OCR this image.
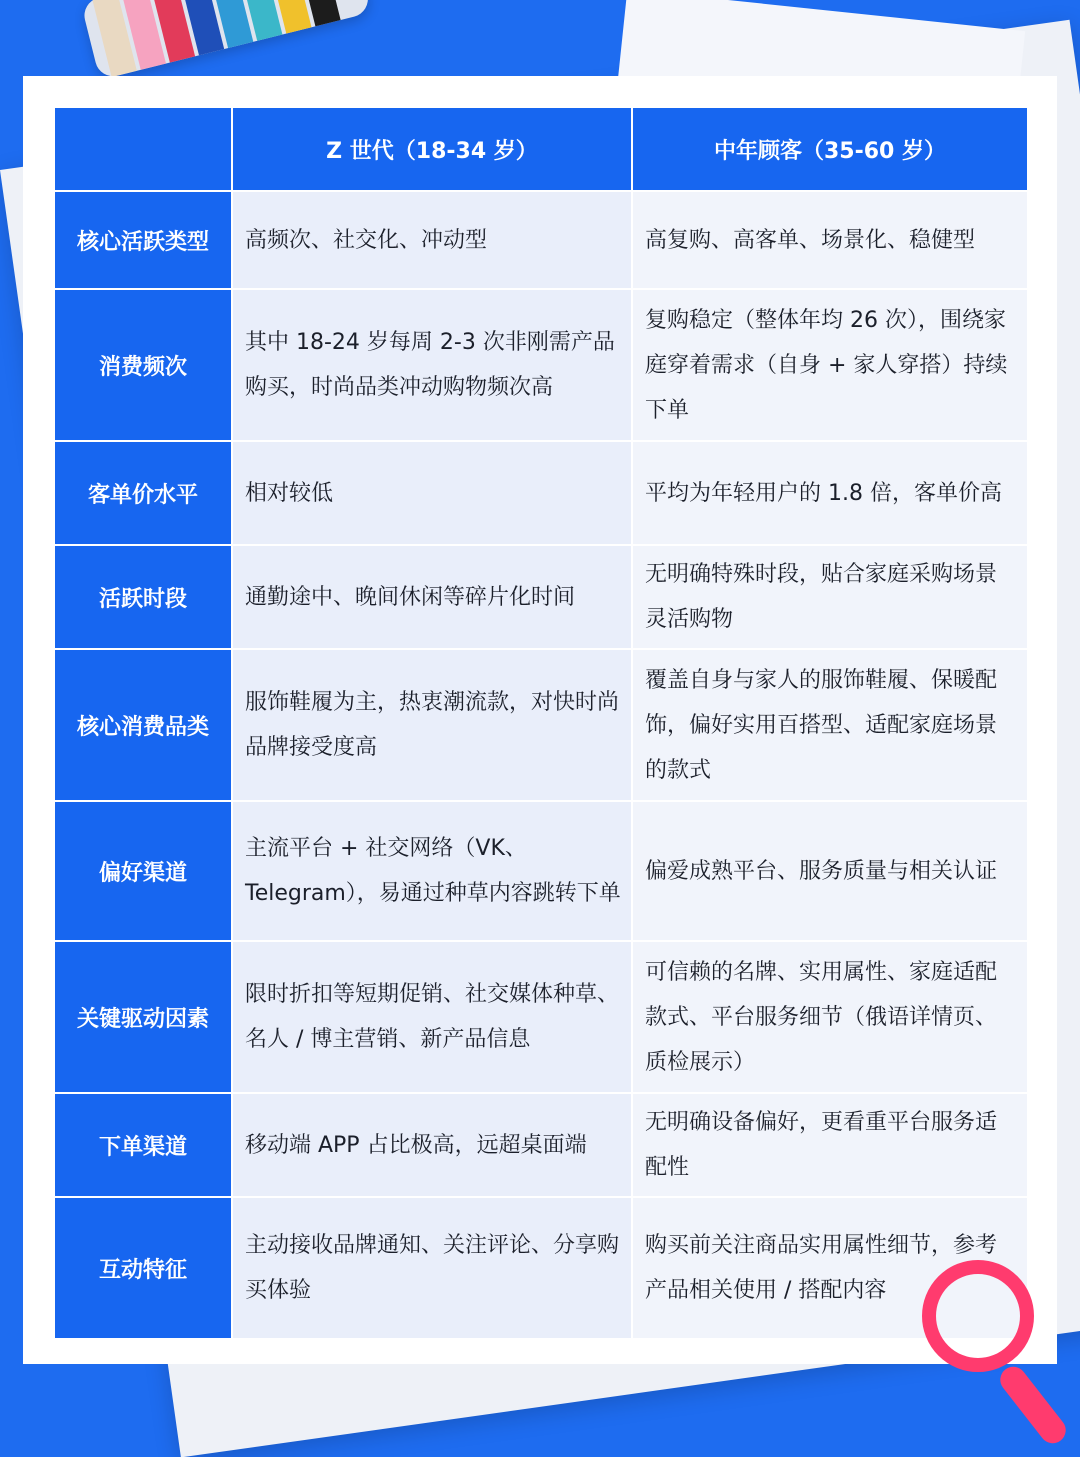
	Z 世代（18-34 岁）	中年顾客（35-60 岁）
核心活跃类型	高频次、社交化、冲动型	高复购、高客单、场景化、稳健型
消费频次	其中 18-24 岁每周 2-3 次非刚需产品购买，时尚品类冲动购物频次高	复购稳定（整体年均 26 次），围绕家庭穿着需求（自身 + 家人穿搭）持续下单
客单价水平	相对较低	平均为年轻用户的 1.8 倍，客单价高
活跃时段	通勤途中、晚间休闲等碎片化时间	无明确特殊时段，贴合家庭采购场景灵活购物
核心消费品类	服饰鞋履为主，热衷潮流款，对快时尚品牌接受度高	覆盖自身与家人的服饰鞋履、保暖配饰，偏好实用百搭型、适配家庭场景的款式
偏好渠道	主流平台 + 社交网络（VK、Telegram），易通过种草内容跳转下单	偏爱成熟平台、服务质量与相关认证
关键驱动因素	限时折扣等短期促销、社交媒体种草、名人 / 博主营销、新产品信息	可信赖的名牌、实用属性、家庭适配款式、平台服务细节（俄语详情页、质检展示）
下单渠道	移动端 APP 占比极高，远超桌面端	无明确设备偏好，更看重平台服务适配性
互动特征	主动接收品牌通知、关注评论、分享购买体验	购买前关注商品实用属性细节，参考产品相关使用 / 搭配内容
